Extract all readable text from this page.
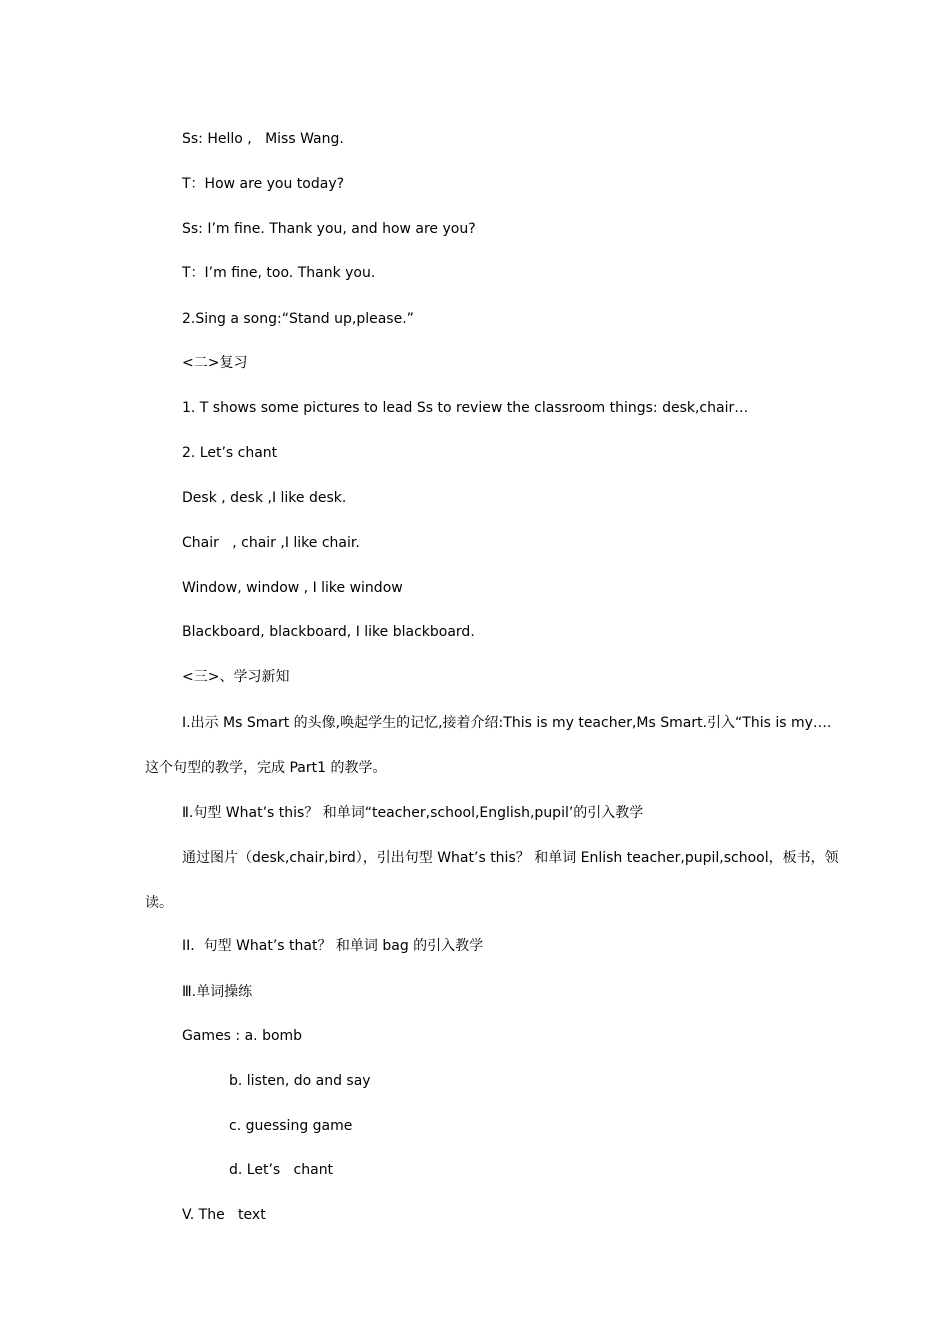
Ss: Hello ,   Miss Wang.
T：How are you today?
Ss: I’m fine. Thank you, and how are you?
T：I’m fine, too. Thank you.
2.Sing a song:“Stand up,please.”
<二>复习
1. T shows some pictures to lead Ss to review the classroom things: desk,chair…
2. Let’s chant
Desk , desk ,I like desk.
Chair   , chair ,I like chair.
Window, window , I like window
Blackboard, blackboard, I like blackboard.
<三>、学习新知
Ⅰ.出示 Ms Smart 的头像,唤起学生的记忆,接着介绍:This is my teacher,Ms Smart.引入“This is my….
这个句型的教学，完成 Part1 的教学。
Ⅱ.句型 What’s this？ 和单词“teacher,school,English,pupil’的引入教学
通过图片（desk,chair,bird），引出句型 What’s this？ 和单词 Enlish teacher,pupil,school，板书，领
读。
II.  句型 What’s that？ 和单词 bag 的引入教学
Ⅲ.单词操练
Games : a. bomb
b. listen, do and say
c. guessing game
d. Let’s   chant
V. The   text
